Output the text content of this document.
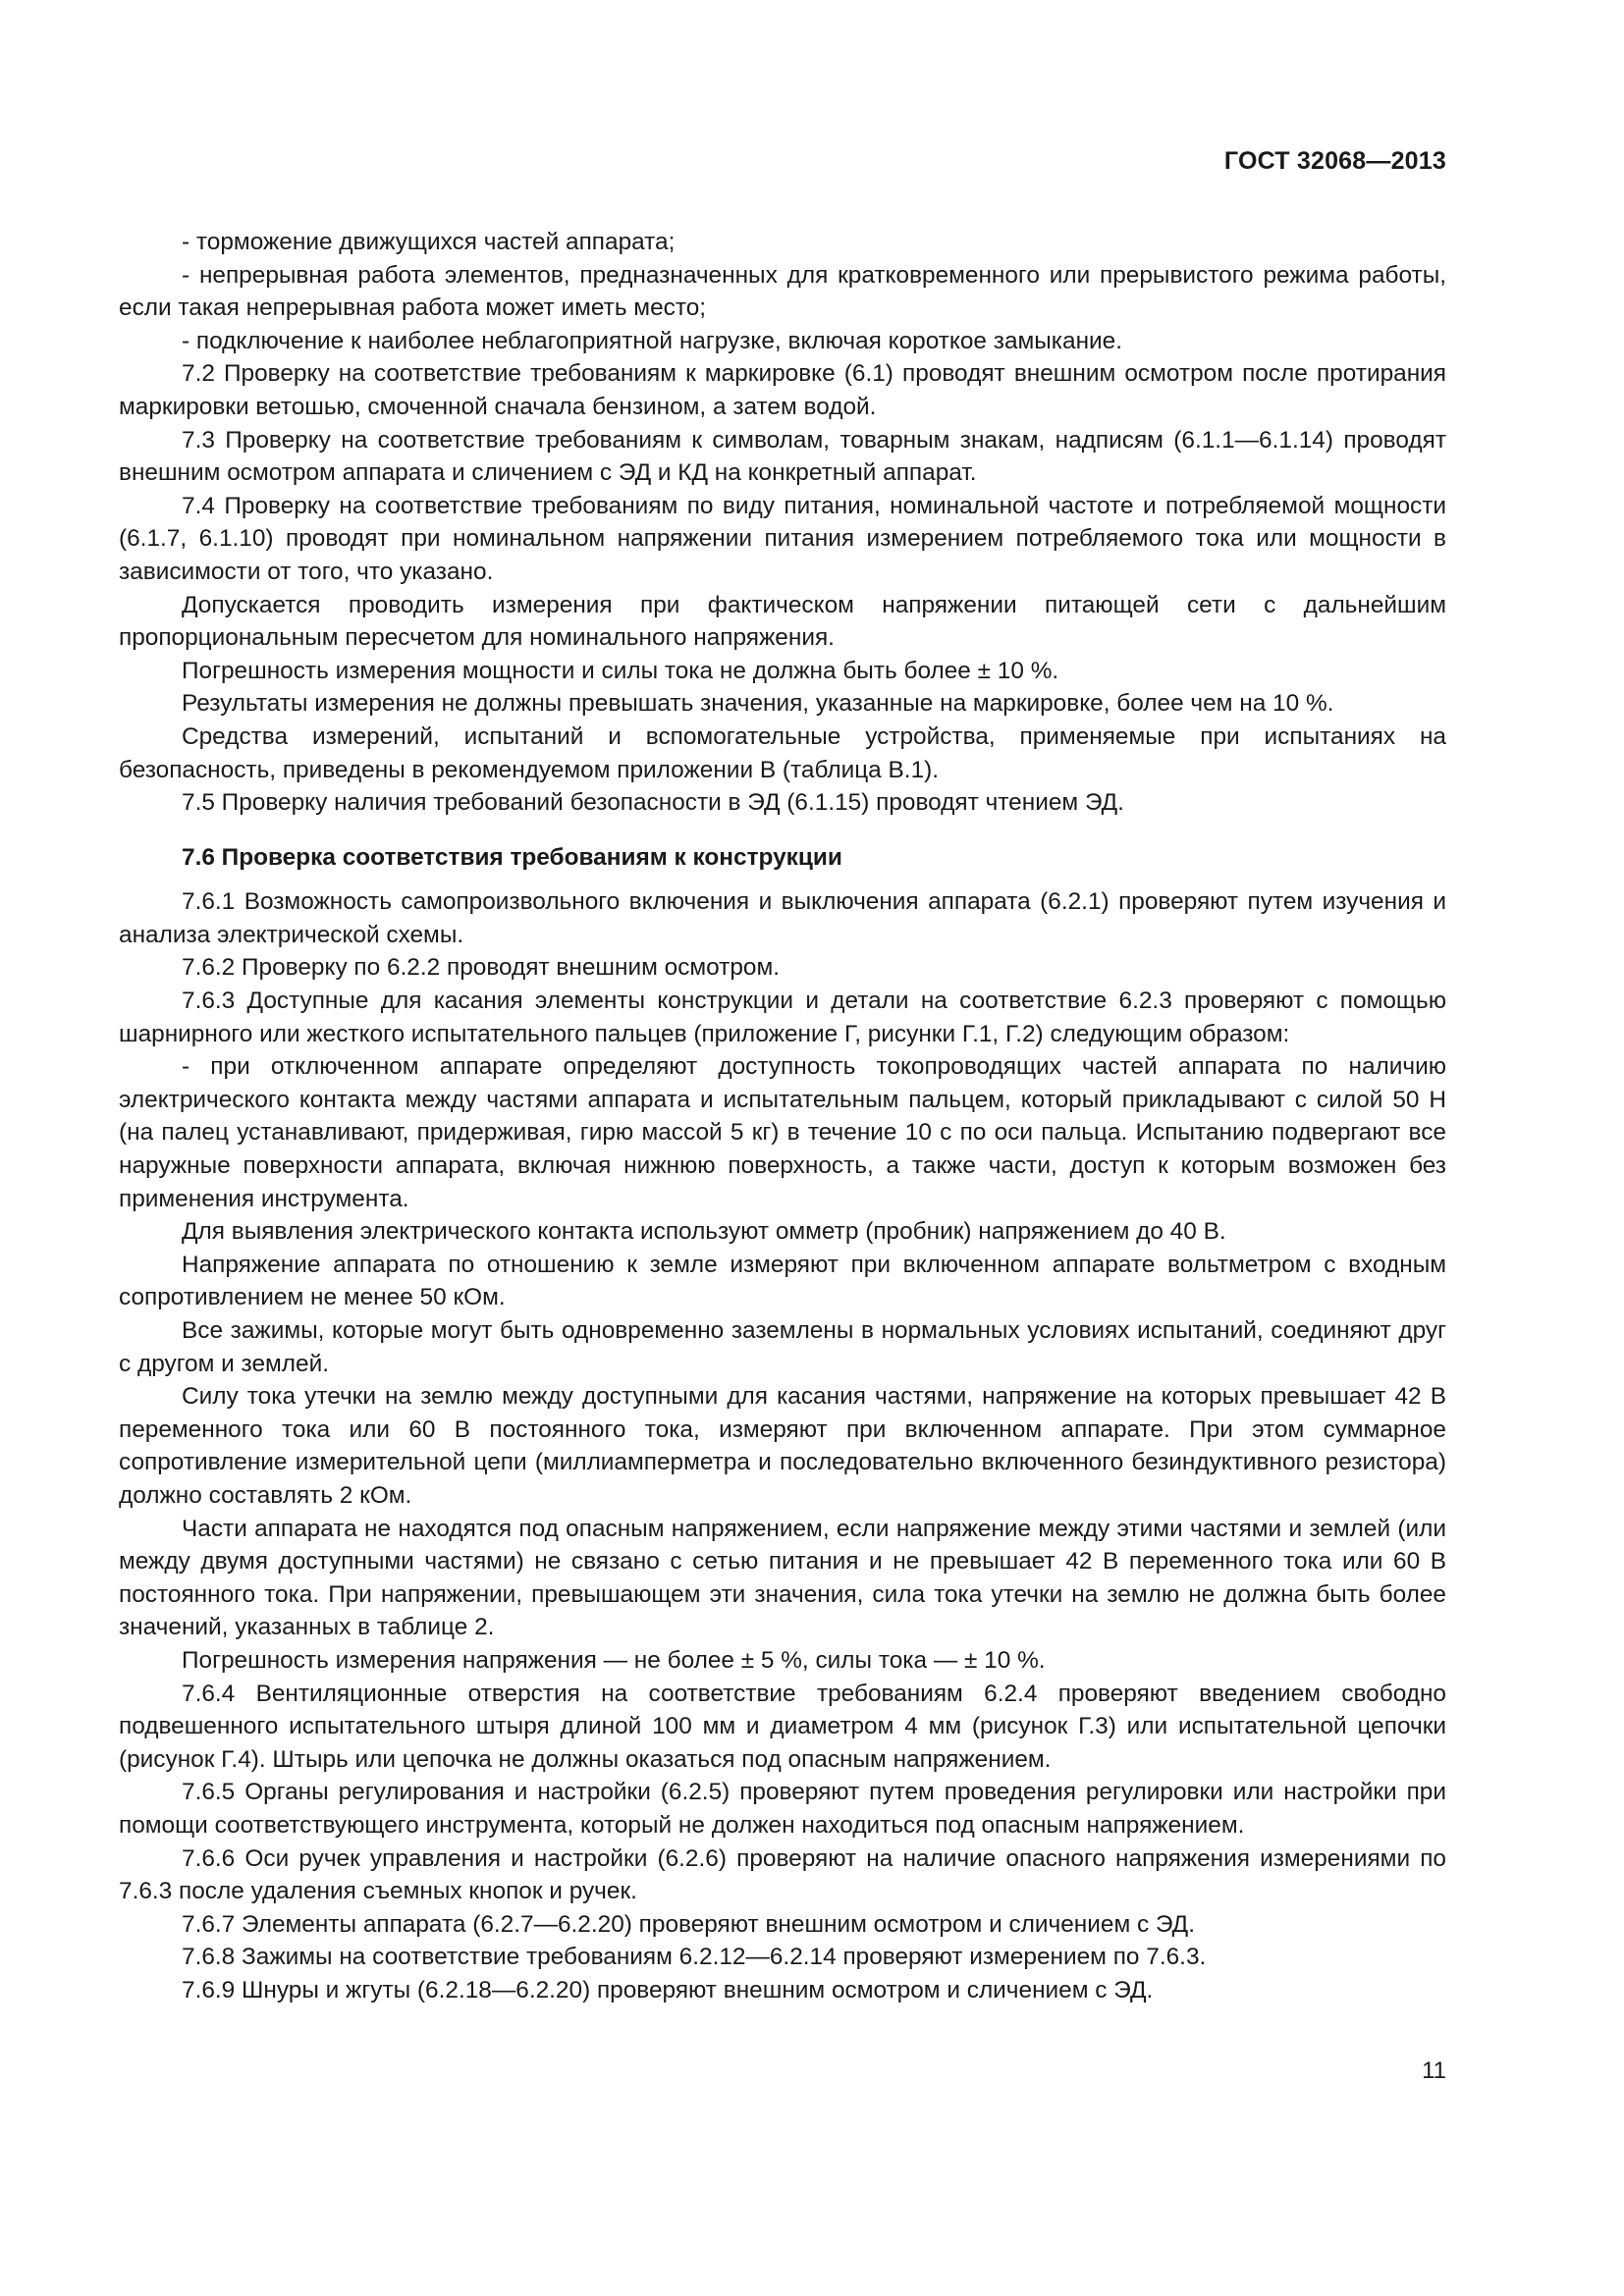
ГОСТ 32068—2013

- торможение движущихся частей аппарата;

- непрерывная работа элементов, предназначенных для кратковременного или прерывистого режима работы, если такая непрерывная работа может иметь место;

- подключение к наиболее неблагоприятной нагрузке, включая короткое замыкание.

7.2 Проверку на соответствие требованиям к маркировке (6.1) проводят внешним осмотром после протирания маркировки ветошью, смоченной сначала бензином, а затем водой.

7.3 Проверку на соответствие требованиям к символам, товарным знакам, надписям (6.1.1—6.1.14) проводят внешним осмотром аппарата и сличением с ЭД и КД на конкретный аппарат.

7.4 Проверку на соответствие требованиям по виду питания, номинальной частоте и потребляемой мощности (6.1.7, 6.1.10) проводят при номинальном напряжении питания измерением потребляемого тока или мощности в зависимости от того, что указано.

Допускается проводить измерения при фактическом напряжении питающей сети с дальнейшим пропорциональным пересчетом для номинального напряжения.

Погрешность измерения мощности и силы тока не должна быть более ± 10 %.

Результаты измерения не должны превышать значения, указанные на маркировке, более чем на 10 %.

Средства измерений, испытаний и вспомогательные устройства, применяемые при испытаниях на безопасность, приведены в рекомендуемом приложении В (таблица В.1).

7.5 Проверку наличия требований безопасности в ЭД (6.1.15) проводят чтением ЭД.

7.6 Проверка соответствия требованиям к конструкции

7.6.1 Возможность самопроизвольного включения и выключения аппарата (6.2.1) проверяют путем изучения и анализа электрической схемы.

7.6.2 Проверку по 6.2.2 проводят внешним осмотром.

7.6.3 Доступные для касания элементы конструкции и детали на соответствие 6.2.3 проверяют с помощью шарнирного или жесткого испытательного пальцев (приложение Г, рисунки Г.1, Г.2) следующим образом:

- при отключенном аппарате определяют доступность токопроводящих частей аппарата по наличию электрического контакта между частями аппарата и испытательным пальцем, который прикладывают с силой 50 Н (на палец устанавливают, придерживая, гирю массой 5 кг) в течение 10 с по оси пальца. Испытанию подвергают все наружные поверхности аппарата, включая нижнюю поверхность, а также части, доступ к которым возможен без применения инструмента.

Для выявления электрического контакта используют омметр (пробник) напряжением до 40 В.

Напряжение аппарата по отношению к земле измеряют при включенном аппарате вольтметром с входным сопротивлением не менее 50 кОм.

Все зажимы, которые могут быть одновременно заземлены в нормальных условиях испытаний, соединяют друг с другом и землей.

Силу тока утечки на землю между доступными для касания частями, напряжение на которых превышает 42 В переменного тока или 60 В постоянного тока, измеряют при включенном аппарате. При этом суммарное сопротивление измерительной цепи (миллиамперметра и последовательно включенного безиндуктивного резистора) должно составлять 2 кОм.

Части аппарата не находятся под опасным напряжением, если напряжение между этими частями и землей (или между двумя доступными частями) не связано с сетью питания и не превышает 42 В переменного тока или 60 В постоянного тока. При напряжении, превышающем эти значения, сила тока утечки на землю не должна быть более значений, указанных в таблице 2.

Погрешность измерения напряжения — не более ± 5 %, силы тока — ± 10 %.

7.6.4 Вентиляционные отверстия на соответствие требованиям 6.2.4 проверяют введением свободно подвешенного испытательного штыря длиной 100 мм и диаметром 4 мм (рисунок Г.3) или испытательной цепочки (рисунок Г.4). Штырь или цепочка не должны оказаться под опасным напряжением.

7.6.5 Органы регулирования и настройки (6.2.5) проверяют путем проведения регулировки или настройки при помощи соответствующего инструмента, который не должен находиться под опасным напряжением.

7.6.6 Оси ручек управления и настройки (6.2.6) проверяют на наличие опасного напряжения измерениями по 7.6.3 после удаления съемных кнопок и ручек.

7.6.7 Элементы аппарата (6.2.7—6.2.20) проверяют внешним осмотром и сличением с ЭД.

7.6.8 Зажимы на соответствие требованиям 6.2.12—6.2.14 проверяют измерением по 7.6.3.

7.6.9 Шнуры и жгуты (6.2.18—6.2.20) проверяют внешним осмотром и сличением с ЭД.

11
